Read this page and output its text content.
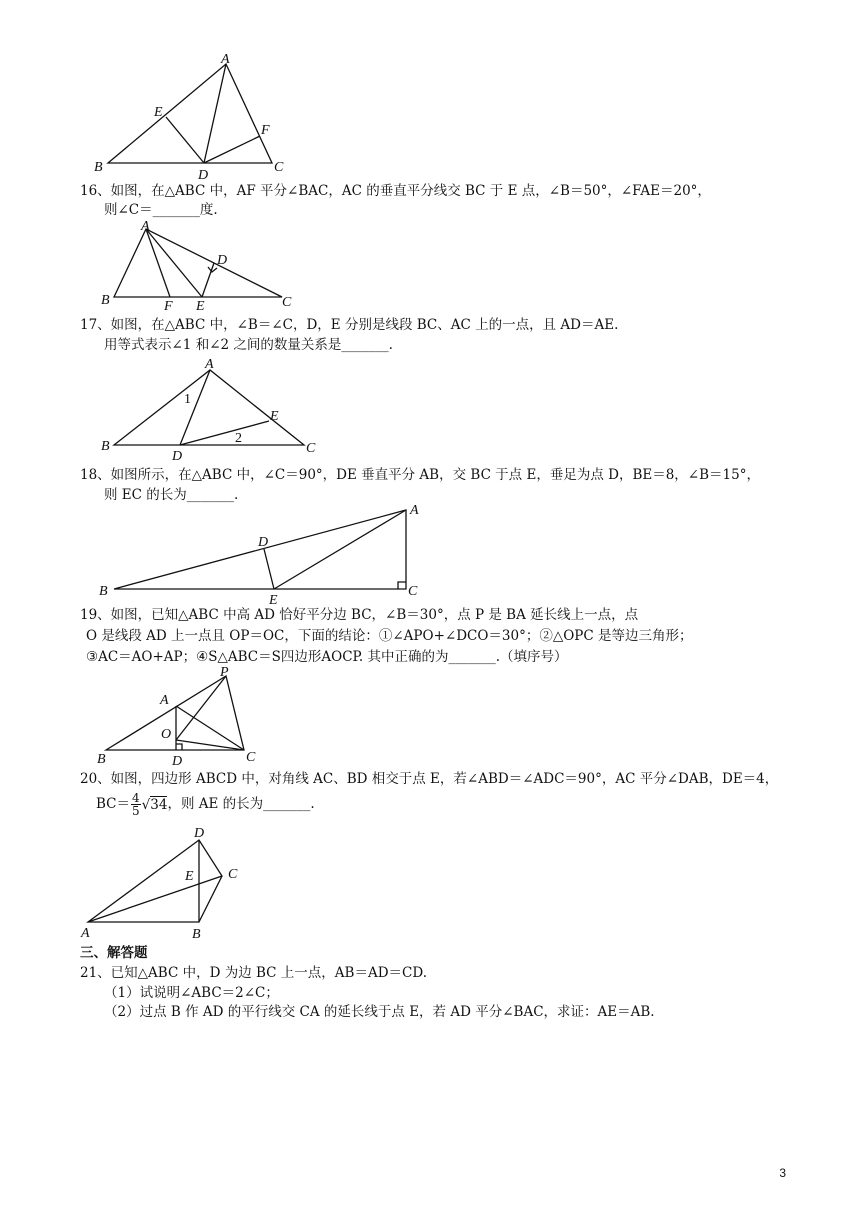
A
B	C
D
E
F
16、如图，在△ABC 中，AF 平分∠BAC，AC 的垂直平分线交 BC 于 E 点，∠B＝50°，∠FAE＝20°，
则∠C＝_______度.
A
B	C
D
E
F
17、如图，在△ABC 中，∠B＝∠C，D，E 分别是线段 BC、AC 上的一点，且 AD＝AE.
用等式表示∠1 和∠2 之间的数量关系是_______.
A
B	C
D
E
1
2
18、如图所示，在△ABC 中，∠C＝90°，DE 垂直平分 AB，交 BC 于点 E，垂足为点 D，BE＝8，∠B＝15°，
则 EC 的长为_______.
A
B	C
D
E
19、如图，已知△ABC 中高 AD 恰好平分边 BC，∠B＝30°，点 P 是 BA 延长线上一点，点
O 是线段 AD 上一点且 OP＝OC，下面的结论：①∠APO+∠DCO＝30°；②△OPC 是等边三角形；
③AC＝AO+AP；④S△ABC＝S四边形AOCP. 其中正确的为_______.（填序号）
A
B	C
D
O
P
20、如图，四边形 ABCD 中，对角线 AC、BD 相交于点 E，若∠ABD＝∠ADC＝90°，AC 平分∠DAB，DE＝4，
$BC= \frac{4}{5} √34$，则 AE 的长为_______.
D
C
E
A	B
三、解答题
21、已知△ABC 中，D 为边 BC 上一点，AB＝AD＝CD.
（1）试说明∠ABC＝2∠C；
（2）过点 B 作 AD 的平行线交 CA 的延长线于点 E，若 AD 平分∠BAC，求证：AE＝AB.
3
